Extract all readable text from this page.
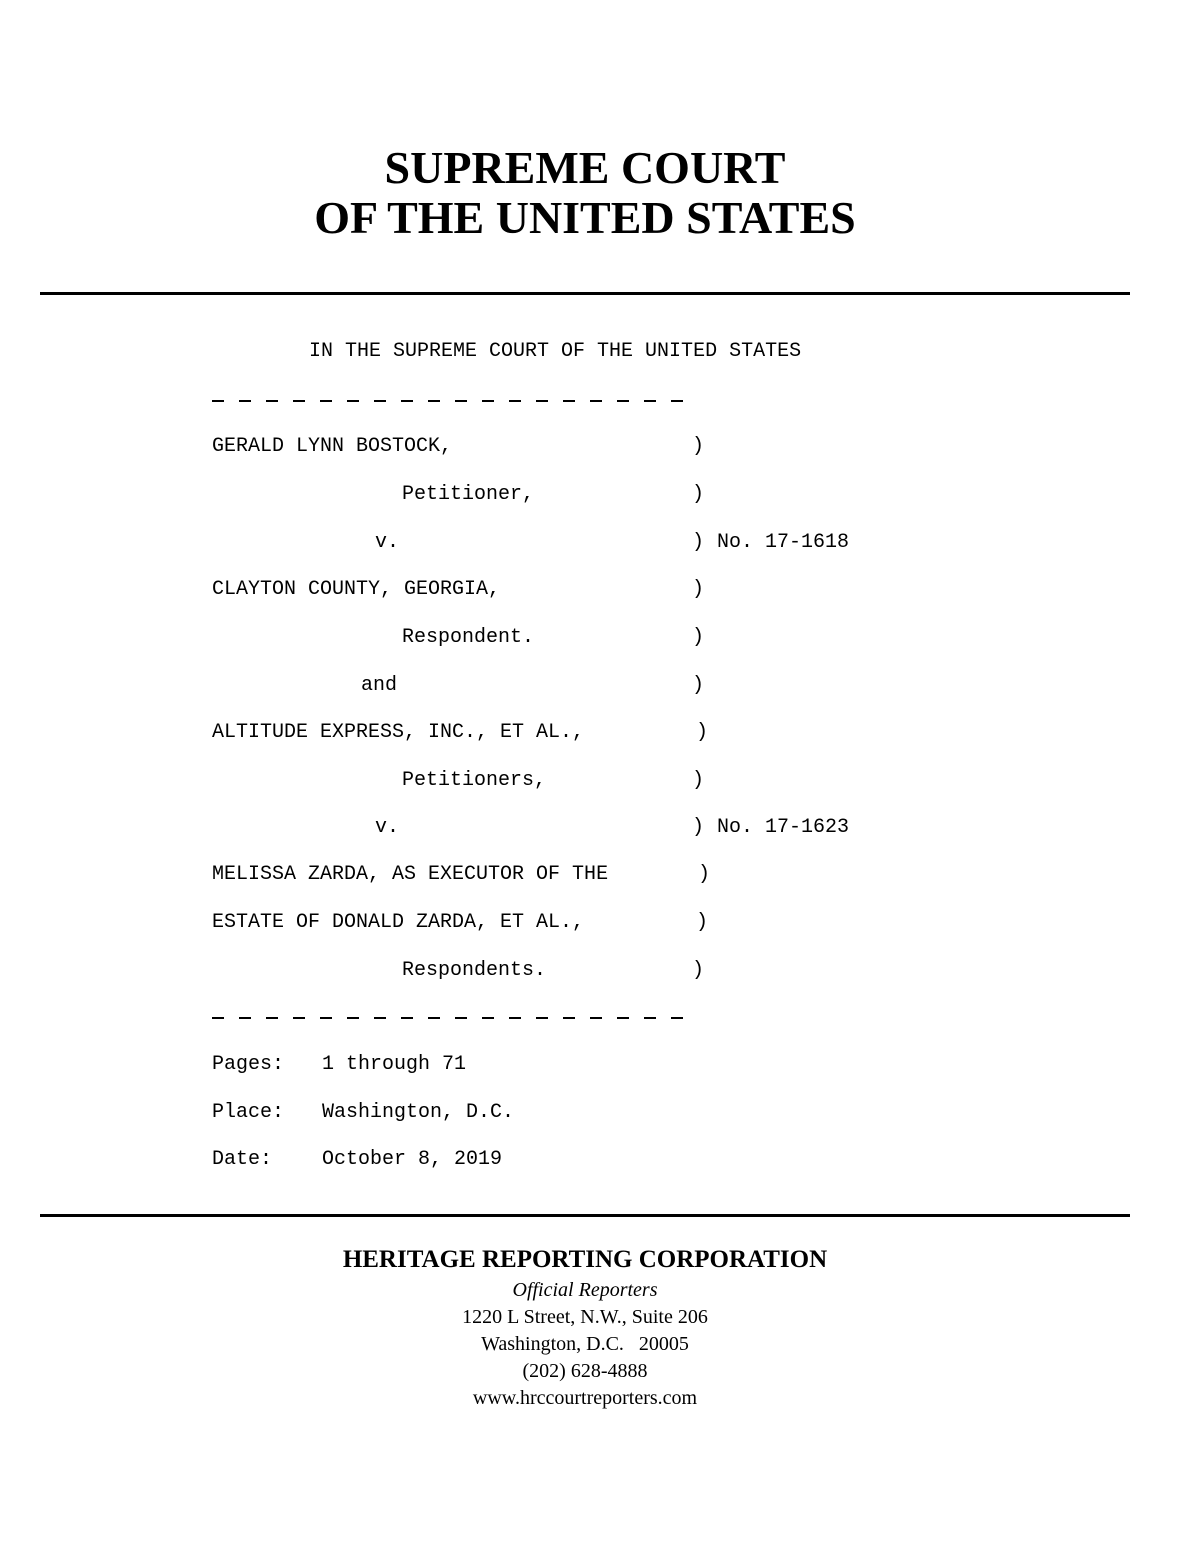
SUPREME COURT
OF THE UNITED STATES
IN THE SUPREME COURT OF THE UNITED STATES
GERALD LYNN BOSTOCK,	)
Petitioner,	)
v.	) No. 17-1618
CLAYTON COUNTY, GEORGIA,	)
Respondent.	)
and	)
ALTITUDE EXPRESS, INC., ET AL.,	)
Petitioners,	)
v.	) No. 17-1623
MELISSA ZARDA, AS EXECUTOR OF THE	)
ESTATE OF DONALD ZARDA, ET AL.,	)
Respondents.	)
Pages: 1 through 71
Place: Washington, D.C.
Date: October 8, 2019
HERITAGE REPORTING CORPORATION
Official Reporters
1220 L Street, N.W., Suite 206
Washington, D.C.   20005
(202) 628-4888
www.hrccourtreporters.com
